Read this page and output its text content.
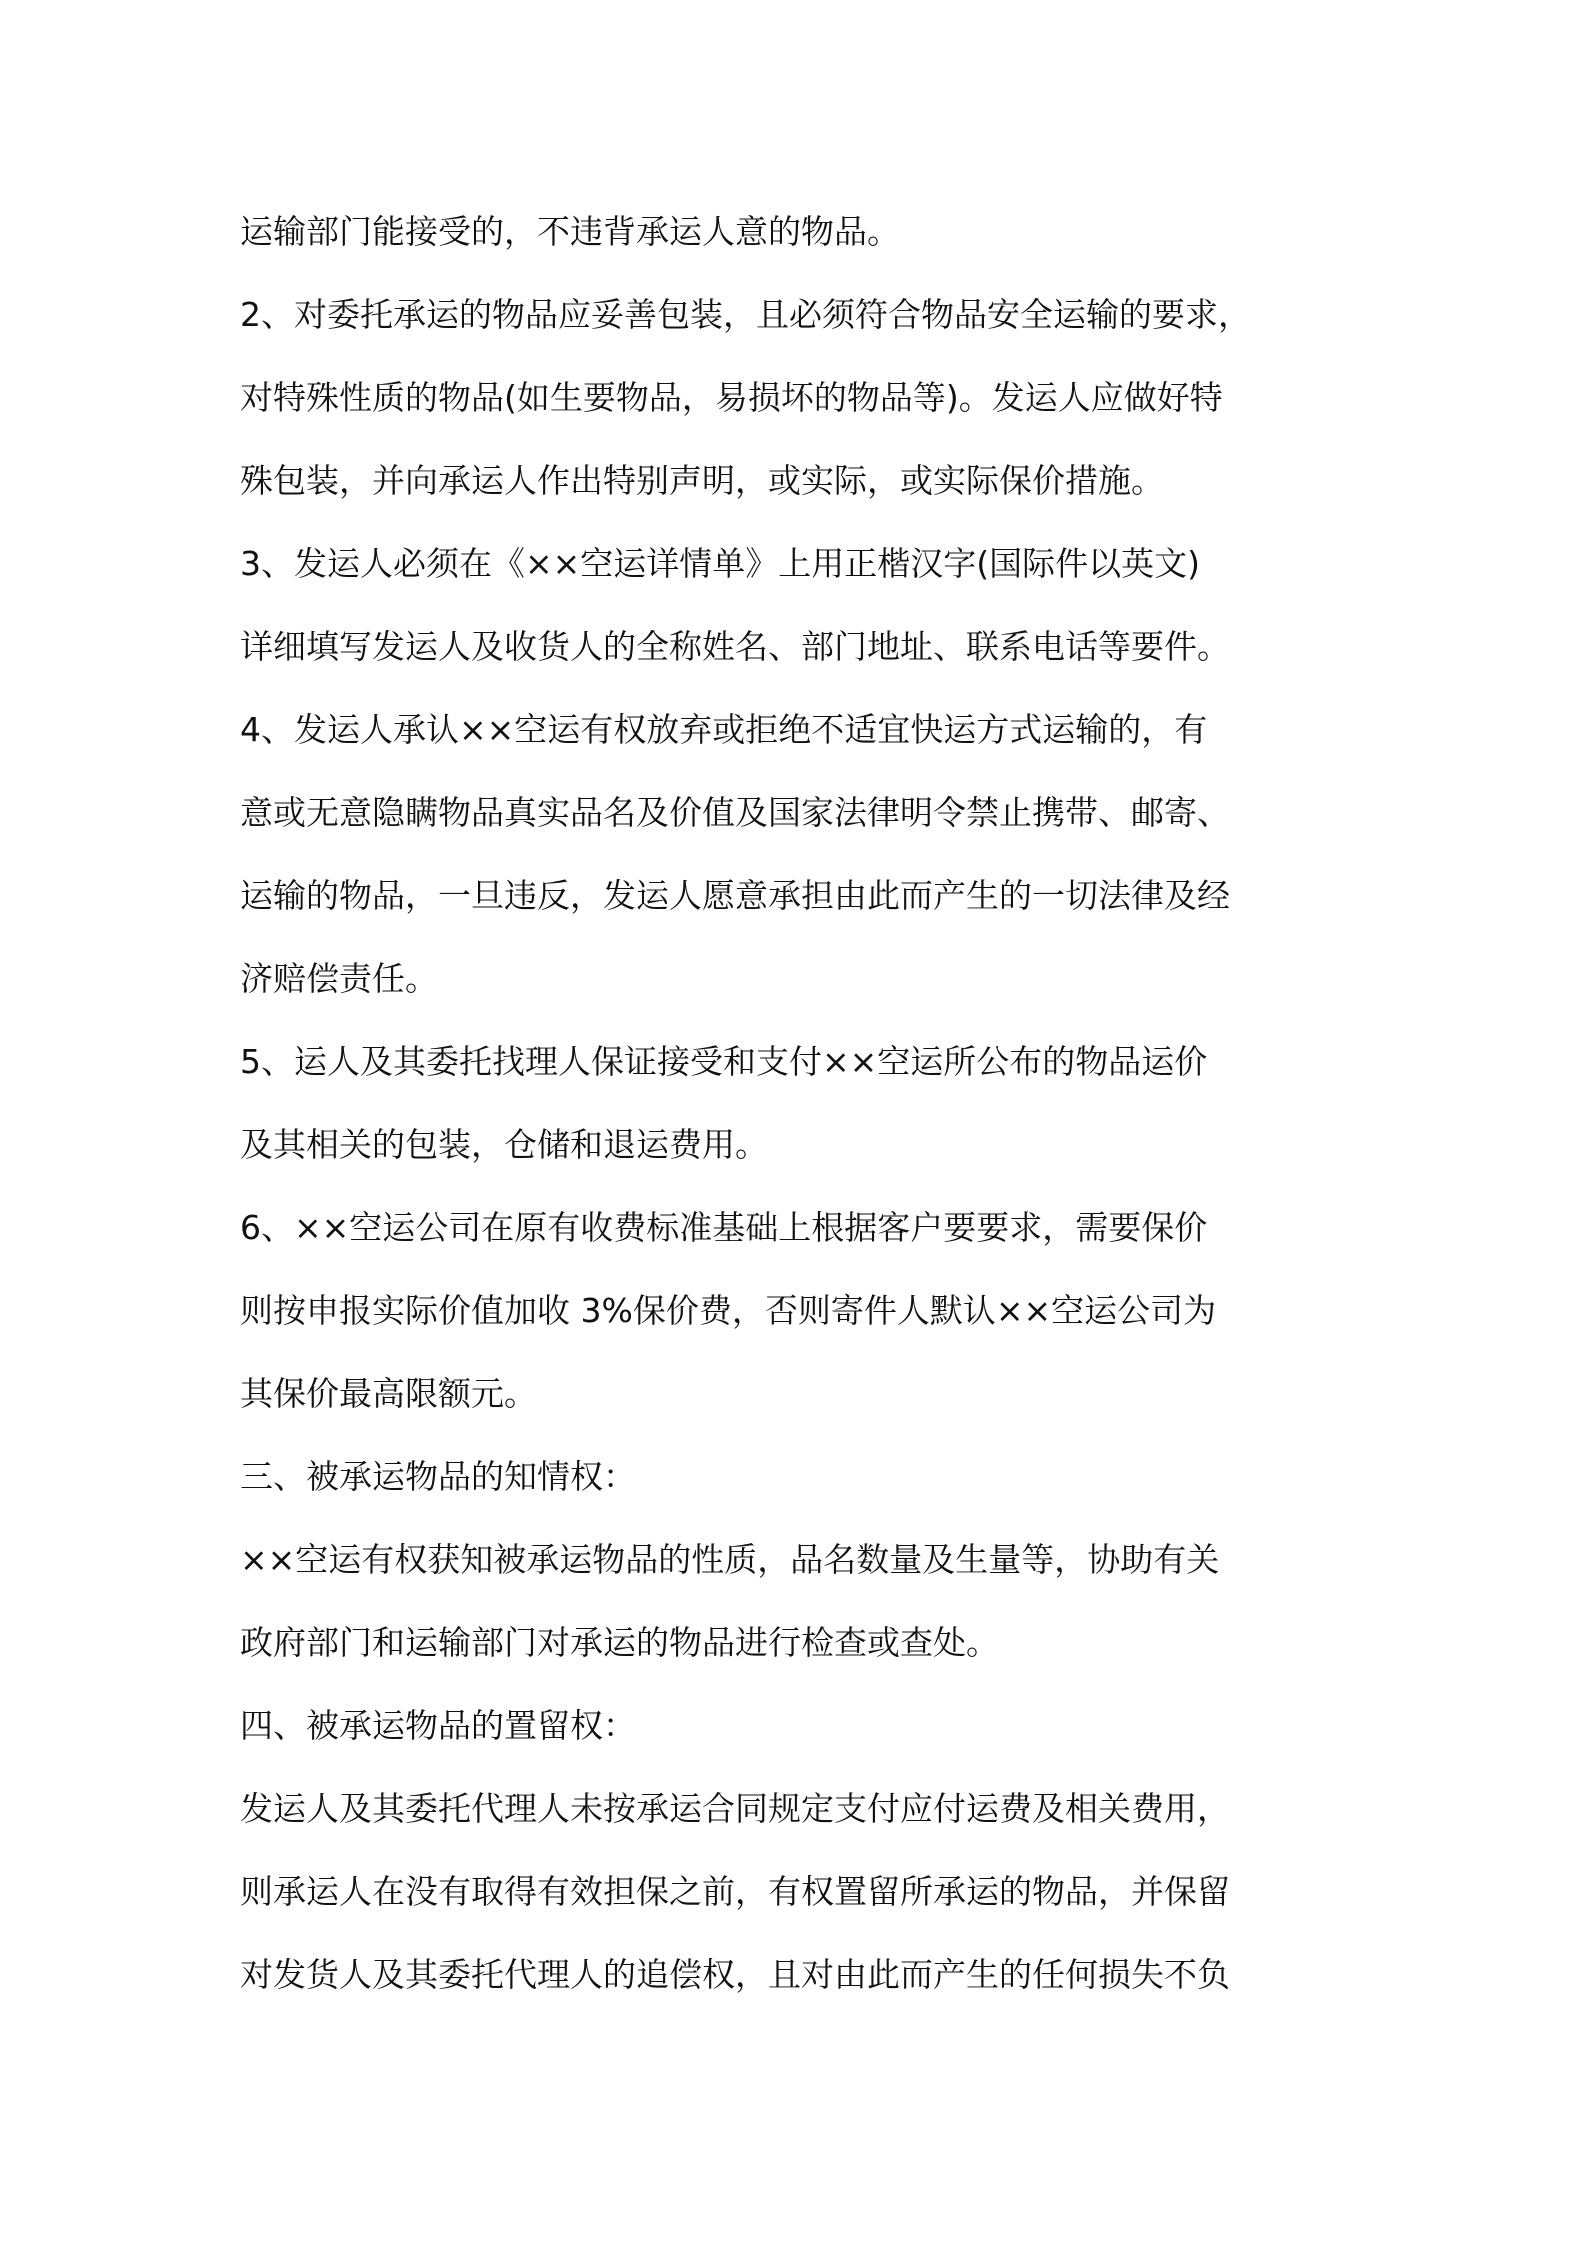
运输部门能接受的，不违背承运人意的物品。
2、对委托承运的物品应妥善包装，且必须符合物品安全运输的要求，
对特殊性质的物品(如生要物品，易损坏的物品等)。发运人应做好特
殊包装，并向承运人作出特别声明，或实际，或实际保价措施。
3、发运人必须在《××空运详情单》上用正楷汉字(国际件以英文)
详细填写发运人及收货人的全称姓名、部门地址、联系电话等要件。
4、发运人承认××空运有权放弃或拒绝不适宜快运方式运输的，有
意或无意隐瞒物品真实品名及价值及国家法律明令禁止携带、邮寄、
运输的物品，一旦违反，发运人愿意承担由此而产生的一切法律及经
济赔偿责任。
5、运人及其委托找理人保证接受和支付××空运所公布的物品运价
及其相关的包装，仓储和退运费用。
6、××空运公司在原有收费标准基础上根据客户要要求，需要保价
则按申报实际价值加收 3%保价费，否则寄件人默认××空运公司为
其保价最高限额元。
三、被承运物品的知情权：
××空运有权获知被承运物品的性质，品名数量及生量等，协助有关
政府部门和运输部门对承运的物品进行检查或查处。
四、被承运物品的置留权：
发运人及其委托代理人未按承运合同规定支付应付运费及相关费用，
则承运人在没有取得有效担保之前，有权置留所承运的物品，并保留
对发货人及其委托代理人的追偿权，且对由此而产生的任何损失不负
